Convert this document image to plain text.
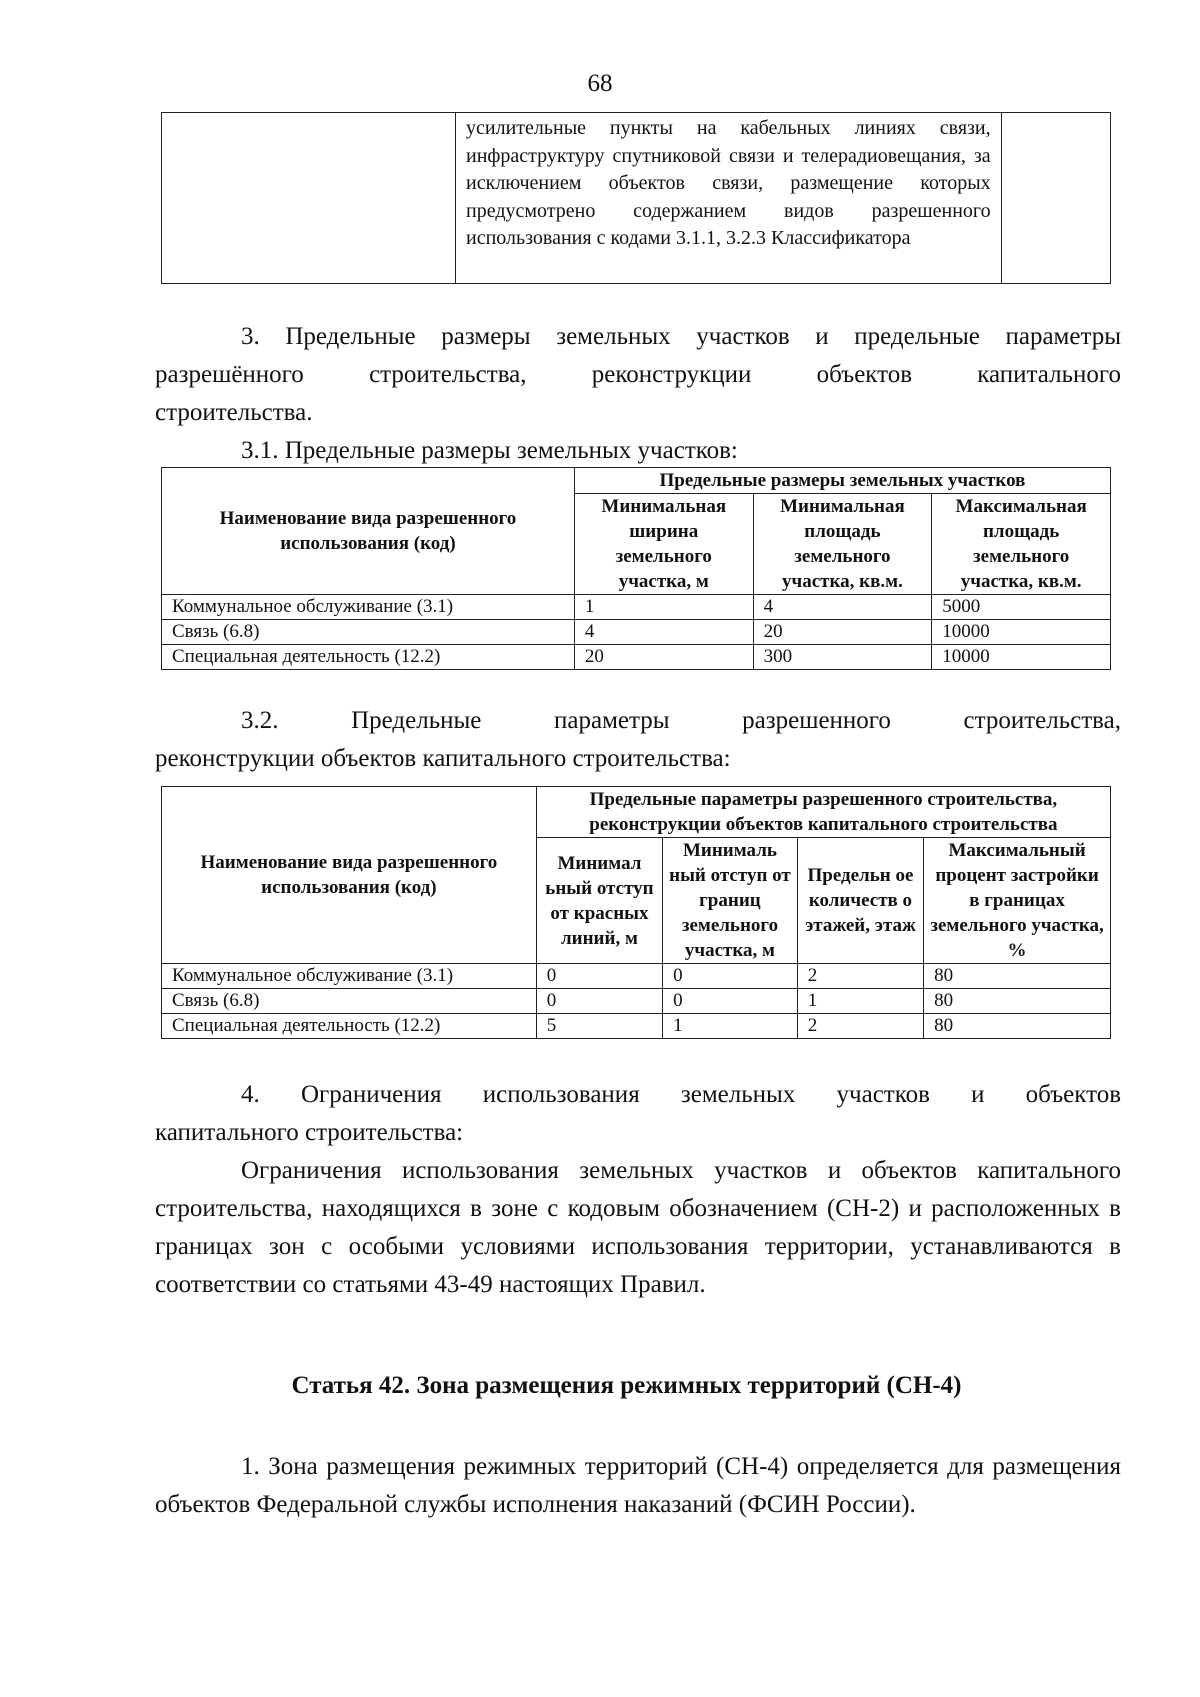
68
	усилительные пункты на кабельных линиях связи, инфраструктуру спутниковой связи и телерадиовещания, за исключением объектов связи, размещение которых предусмотрено содержанием видов разрешенного использования с кодами 3.1.1, 3.2.3 Классификатора	
3. Предельные размеры земельных участков и предельные параметры
разрешённого строительства, реконструкции объектов капитального
строительства.
3.1. Предельные размеры земельных участков:
Наименование вида разрешенного использования (код)	Предельные размеры земельных участков		
	Минимальная ширина земельного участка, м	Минимальная площадь земельного участка, кв.м.	Максимальная площадь земельного участка, кв.м.
Коммунальное обслуживание (3.1)	1	4	5000
Связь (6.8)	4	20	10000
Специальная деятельность (12.2)	20	300	10000
3.2. Предельные параметры разрешенного строительства,
реконструкции объектов капитального строительства:
Наименование вида разрешенного использования (код)	Предельные параметры разрешенного строительства, реконструкции объектов капитального строительства			
	Минимал ьный отступ от красных линий, м	Минималь ный отступ от границ земельного участка, м	Предельн ое количеств о этажей, этаж	Максимальный процент застройки в границах земельного участка, %
Коммунальное обслуживание (3.1)	0	0	2	80
Связь (6.8)	0	0	1	80
Специальная деятельность (12.2)	5	1	2	80
4. Ограничения использования земельных участков и объектов
капитального строительства:
Ограничения использования земельных участков и объектов капитального строительства, находящихся в зоне с кодовым обозначением (СН-2) и расположенных в границах зон с особыми условиями использования территории, устанавливаются в соответствии со статьями 43-49 настоящих Правил.
Статья 42. Зона размещения режимных территорий (СН-4)
1. Зона размещения режимных территорий (СН-4) определяется для размещения объектов Федеральной службы исполнения наказаний (ФСИН России).
